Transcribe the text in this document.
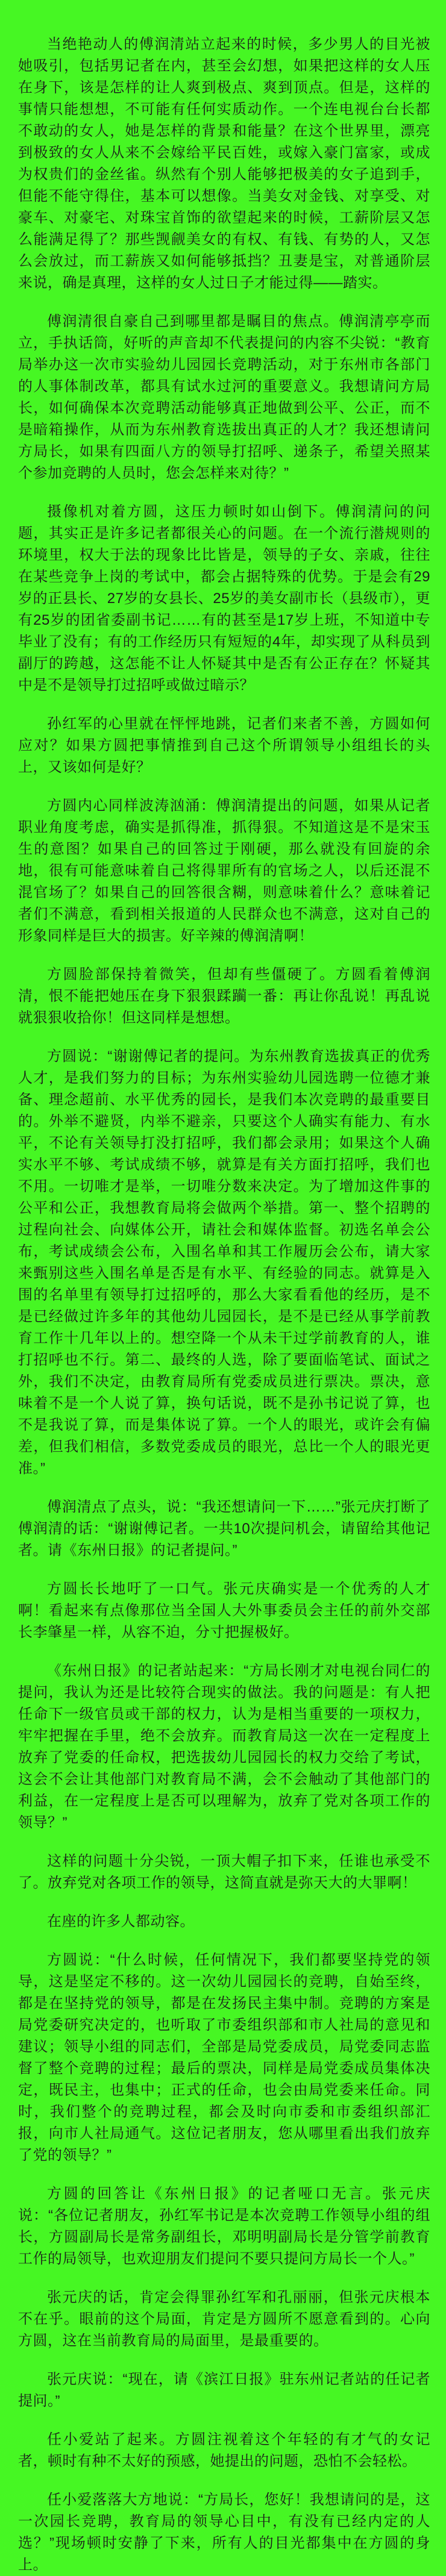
当绝艳动人的傅润清站立起来的时候，多少男人的目光被她吸引，包括男记者在内，甚至会幻想，如果把这样的女人压在身下，该是怎样的让人爽到极点、爽到顶点。但是，这样的事情只能想想，不可能有任何实质动作。一个连电视台台长都不敢动的女人，她是怎样的背景和能量？在这个世界里，漂亮到极致的女人从来不会嫁给平民百姓，或嫁入豪门富家，或成为权贵们的金丝雀。纵然有个别人能够把极美的女子追到手，但能不能守得住，基本可以想像。当美女对金钱、对享受、对豪车、对豪宅、对珠宝首饰的欲望起来的时候，工薪阶层又怎么能满足得了？那些觊觎美女的有权、有钱、有势的人，又怎么会放过，而工薪族又如何能够抵挡？丑妻是宝，对普通阶层来说，确是真理，这样的女人过日子才能过得——踏实。

傅润清很自豪自己到哪里都是瞩目的焦点。傅润清亭亭而立，手执话筒，好听的声音却不代表提问的内容不尖锐：“教育局举办这一次市实验幼儿园园长竞聘活动，对于东州市各部门的人事体制改革，都具有试水过河的重要意义。我想请问方局长，如何确保本次竞聘活动能够真正地做到公平、公正，而不是暗箱操作，从而为东州教育选拔出真正的人才？我还想请问方局长，如果有四面八方的领导打招呼、递条子，希望关照某个参加竞聘的人员时，您会怎样来对待？”

摄像机对着方圆，这压力顿时如山倒下。傅润清问的问题，其实正是许多记者都很关心的问题。在一个流行潜规则的环境里，权大于法的现象比比皆是，领导的子女、亲戚，往往在某些竞争上岗的考试中，都会占据特殊的优势。于是会有29岁的正县长、27岁的女县长、25岁的美女副市长（县级市），更有25岁的团省委副书记……有的甚至是17岁上班，不知道中专毕业了没有；有的工作经历只有短短的4年，却实现了从科员到副厅的跨越，这怎能不让人怀疑其中是否有公正存在？怀疑其中是不是领导打过招呼或做过暗示？

孙红军的心里就在怦怦地跳，记者们来者不善，方圆如何应对？如果方圆把事情推到自己这个所谓领导小组组长的头上，又该如何是好？

方圆内心同样波涛汹涌：傅润清提出的问题，如果从记者职业角度考虑，确实是抓得准，抓得狠。不知道这是不是宋玉生的意图？如果自己的回答过于刚硬，那么就没有回旋的余地，很有可能意味着自己将得罪所有的官场之人，以后还混不混官场了？如果自己的回答很含糊，则意味着什么？意味着记者们不满意，看到相关报道的人民群众也不满意，这对自己的形象同样是巨大的损害。好辛辣的傅润清啊！

方圆脸部保持着微笑，但却有些僵硬了。方圆看着傅润清，恨不能把她压在身下狠狠蹂躏一番：再让你乱说！再乱说就狠狠收拾你！但这同样是想想。

方圆说：“谢谢傅记者的提问。为东州教育选拔真正的优秀人才，是我们努力的目标；为东州实验幼儿园选聘一位德才兼备、理念超前、水平优秀的园长，是我们本次竞聘的最重要目的。外举不避贤，内举不避亲，只要这个人确实有能力、有水平，不论有关领导打没打招呼，我们都会录用；如果这个人确实水平不够、考试成绩不够，就算是有关方面打招呼，我们也不用。一切唯才是举，一切唯分数来决定。为了增加这件事的公平和公正，我想教育局将会做两个举措。第一、整个招聘的过程向社会、向媒体公开，请社会和媒体监督。初选名单会公布，考试成绩会公布，入围名单和其工作履历会公布，请大家来甄别这些入围名单是否是有水平、有经验的同志。就算是入围的名单里有领导打过招呼的，那么大家看看他的经历，是不是已经做过许多年的其他幼儿园园长，是不是已经从事学前教育工作十几年以上的。想空降一个从未干过学前教育的人，谁打招呼也不行。第二、最终的人选，除了要面临笔试、面试之外，我们不决定，由教育局所有党委成员进行票决。票决，意味着不是一个人说了算，换句话说，既不是孙书记说了算，也不是我说了算，而是集体说了算。一个人的眼光，或许会有偏差，但我们相信，多数党委成员的眼光，总比一个人的眼光更准。”

傅润清点了点头，说：“我还想请问一下……”张元庆打断了傅润清的话：“谢谢傅记者。一共10次提问机会，请留给其他记者。请《东州日报》的记者提问。”

方圆长长地吁了一口气。张元庆确实是一个优秀的人才啊！看起来有点像那位当全国人大外事委员会主任的前外交部长李肇星一样，从容不迫，分寸把握极好。

《东州日报》的记者站起来：“方局长刚才对电视台同仁的提问，我认为还是比较符合现实的做法。我的问题是：有人把任命下一级官员或干部的权力，认为是相当重要的一项权力，牢牢把握在手里，绝不会放弃。而教育局这一次在一定程度上放弃了党委的任命权，把选拔幼儿园园长的权力交给了考试，这会不会让其他部门对教育局不满，会不会触动了其他部门的利益，在一定程度上是否可以理解为，放弃了党对各项工作的领导？”

这样的问题十分尖锐，一顶大帽子扣下来，任谁也承受不了。放弃党对各项工作的领导，这简直就是弥天大的大罪啊！

在座的许多人都动容。

方圆说：“什么时候，任何情况下，我们都要坚持党的领导，这是坚定不移的。这一次幼儿园园长的竞聘，自始至终，都是在坚持党的领导，都是在发扬民主集中制。竞聘的方案是局党委研究决定的，也听取了市委组织部和市人社局的意见和建议；领导小组的同志们，全部是局党委成员，局党委同志监督了整个竞聘的过程；最后的票决，同样是局党委成员集体决定，既民主，也集中；正式的任命，也会由局党委来任命。同时，我们整个的竞聘过程，都会及时向市委和市委组织部汇报，向市人社局通气。这位记者朋友，您从哪里看出我们放弃了党的领导？”

方圆的回答让《东州日报》的记者哑口无言。张元庆说：“各位记者朋友，孙红军书记是本次竞聘工作领导小组的组长，方圆副局长是常务副组长，邓明明副局长是分管学前教育工作的局领导，也欢迎朋友们提问不要只提问方局长一个人。”

张元庆的话，肯定会得罪孙红军和孔丽丽，但张元庆根本不在乎。眼前的这个局面，肯定是方圆所不愿意看到的。心向方圆，这在当前教育局的局面里，是最重要的。

张元庆说：“现在，请《滨江日报》驻东州记者站的任记者提问。”

任小爱站了起来。方圆注视着这个年轻的有才气的女记者，顿时有种不太好的预感，她提出的问题，恐怕不会轻松。

任小爱落落大方地说：“方局长，您好！我想请问的是，这一次园长竞聘，教育局的领导心目中，有没有已经内定的人选？”现场顿时安静了下来，所有人的目光都集中在方圆的身上。
